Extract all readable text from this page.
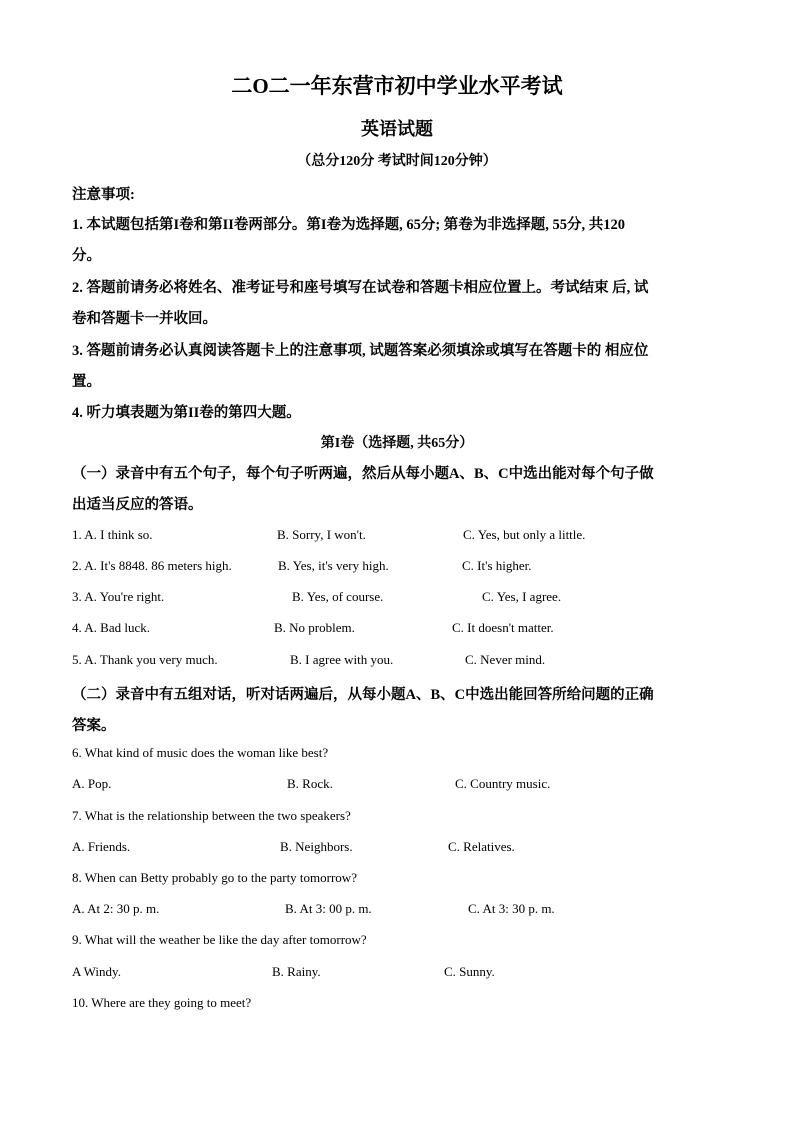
二O二一年东营市初中学业水平考试
英语试题
（总分120分 考试时间120分钟）
注意事项:
1. 本试题包括第I卷和第II卷两部分。第I卷为选择题, 65分; 第卷为非选择题, 55分, 共120
分。
2. 答题前请务必将姓名、准考证号和座号填写在试卷和答题卡相应位置上。考试结束 后, 试
卷和答题卡一并收回。
3. 答题前请务必认真阅读答题卡上的注意事项, 试题答案必须填涂或填写在答题卡的 相应位
置。
4. 听力填表题为第II卷的第四大题。
第I卷（选择题, 共65分）
（一）录音中有五个句子，每个句子听两遍，然后从每小题A、B、C中选出能对每个句子做
出适当反应的答语。
1. A. I think so.	B. Sorry, I won't.	C. Yes, but only a little.
2. A. It's 8848. 86 meters high.	B. Yes, it's very high.	C. It's higher.
3. A. You're right.	B. Yes, of course.	C. Yes, I agree.
4. A. Bad luck.	B. No problem.	C. It doesn't matter.
5. A. Thank you very much.	B. I agree with you.	C. Never mind.
（二）录音中有五组对话，听对话两遍后，从每小题A、B、C中选出能回答所给问题的正确
答案。
6. What kind of music does the woman like best?
A. Pop.	B. Rock.	C. Country music.
7. What is the relationship between the two speakers?
A. Friends.	B. Neighbors.	C. Relatives.
8. When can Betty probably go to the party tomorrow?
A. At 2: 30 p. m.	B. At 3: 00 p. m.	C. At 3: 30 p. m.
9. What will the weather be like the day after tomorrow?
A Windy.	B. Rainy.	C. Sunny.
10. Where are they going to meet?
